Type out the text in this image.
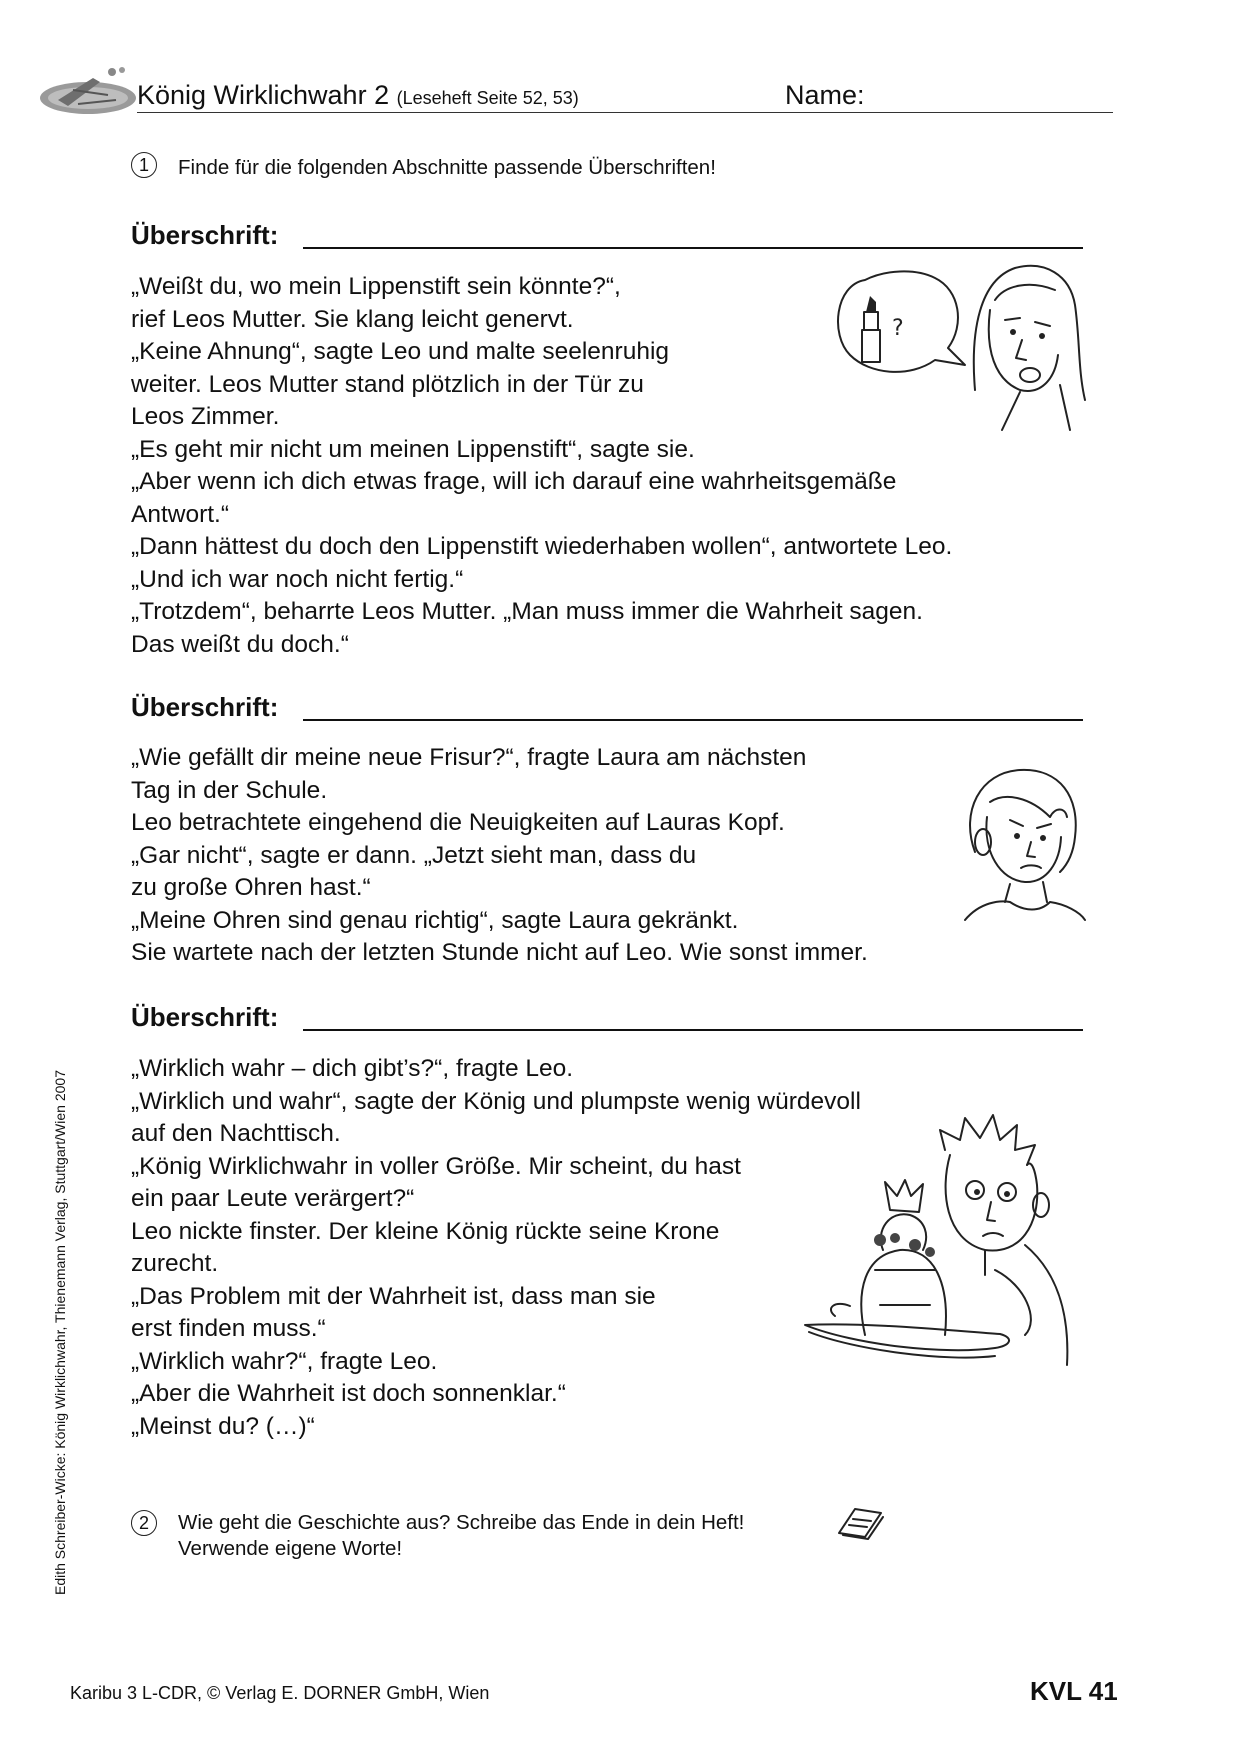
König Wirklichwahr 2 (Leseheft Seite 52, 53)	Name:
1	Finde für die folgenden Abschnitte passende Überschriften!
Überschrift:
„Weißt du, wo mein Lippenstift sein könnte?“,
rief Leos Mutter. Sie klang leicht genervt.
„Keine Ahnung“, sagte Leo und malte seelenruhig
weiter. Leos Mutter stand plötzlich in der Tür zu
Leos Zimmer.
„Es geht mir nicht um meinen Lippenstift“, sagte sie.
„Aber wenn ich dich etwas frage, will ich darauf eine wahrheitsgemäße
Antwort.“
„Dann hättest du doch den Lippenstift wiederhaben wollen“, antwortete Leo.
„Und ich war noch nicht fertig.“
„Trotzdem“, beharrte Leos Mutter. „Man muss immer die Wahrheit sagen.
Das weißt du doch.“
?
Überschrift:
„Wie gefällt dir meine neue Frisur?“, fragte Laura am nächsten
Tag in der Schule.
Leo betrachtete eingehend die Neuigkeiten auf Lauras Kopf.
„Gar nicht“, sagte er dann. „Jetzt sieht man, dass du
zu große Ohren hast.“
„Meine Ohren sind genau richtig“, sagte Laura gekränkt.
Sie wartete nach der letzten Stunde nicht auf Leo. Wie sonst immer.
Überschrift:
„Wirklich wahr – dich gibt’s?“, fragte Leo.
„Wirklich und wahr“, sagte der König und plumpste wenig würdevoll
auf den Nachttisch.
„König Wirklichwahr in voller Größe. Mir scheint, du hast
ein paar Leute verärgert?“
Leo nickte finster. Der kleine König rückte seine Krone
zurecht.
„Das Problem mit der Wahrheit ist, dass man sie
erst finden muss.“
„Wirklich wahr?“, fragte Leo.
„Aber die Wahrheit ist doch sonnenklar.“
„Meinst du? (…)“
2	Wie geht die Geschichte aus? Schreibe das Ende in dein Heft!
Verwende eigene Worte!
Edith Schreiber-Wicke: König Wirklichwahr, Thienemann Verlag, Stuttgart/Wien 2007
Karibu 3 L-CDR, © Verlag E. DORNER GmbH, Wien	KVL 41
